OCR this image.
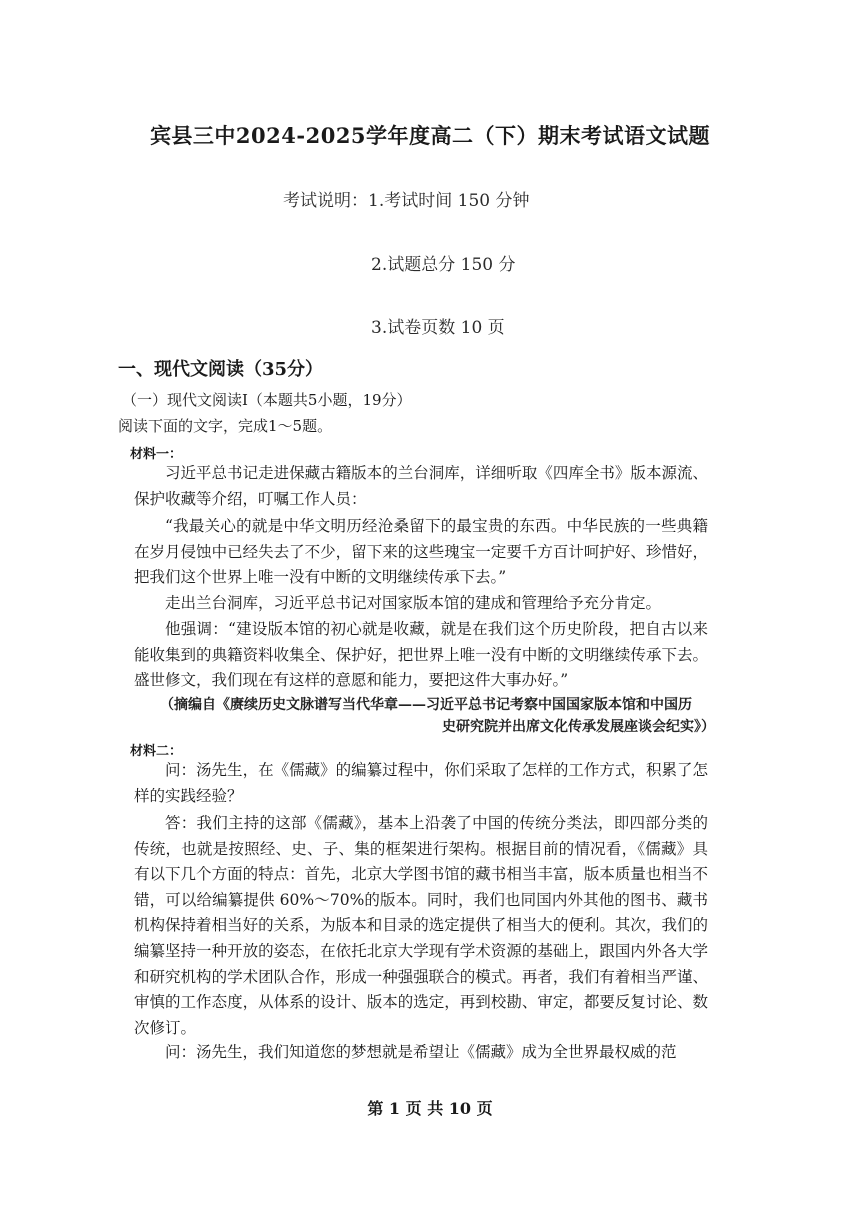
宾县三中2024-2025学年度高二（下）期末考试语文试题
考试说明：1.考试时间 150 分钟
2.试题总分 150 分
3.试卷页数 10 页
一、现代文阅读（35分）
（一）现代文阅读Ⅰ（本题共5小题，19分）
阅读下面的文字，完成1～5题。
材料一：

习近平总书记走进保藏古籍版本的兰台洞库，详细听取《四库全书》版本源流、保护收藏等介绍，叮嘱工作人员：

“我最关心的就是中华文明历经沧桑留下的最宝贵的东西。中华民族的一些典籍在岁月侵蚀中已经失去了不少，留下来的这些瑰宝一定要千方百计呵护好、珍惜好，把我们这个世界上唯一没有中断的文明继续传承下去。”

走出兰台洞库，习近平总书记对国家版本馆的建成和管理给予充分肯定。

他强调：“建设版本馆的初心就是收藏，就是在我们这个历史阶段，把自古以来能收集到的典籍资料收集全、保护好，把世界上唯一没有中断的文明继续传承下去。盛世修文，我们现在有这样的意愿和能力，要把这件大事办好。”

（摘编自《赓续历史文脉谱写当代华章——习近平总书记考察中国国家版本馆和中国历
史研究院并出席文化传承发展座谈会纪实》）
材料二：

问：汤先生，在《儒藏》的编纂过程中，你们采取了怎样的工作方式，积累了怎样的实践经验？

答：我们主持的这部《儒藏》，基本上沿袭了中国的传统分类法，即四部分类的传统，也就是按照经、史、子、集的框架进行架构。根据目前的情况看，《儒藏》具有以下几个方面的特点：首先，北京大学图书馆的藏书相当丰富，版本质量也相当不错，可以给编纂提供 60%～70%的版本。同时，我们也同国内外其他的图书、藏书机构保持着相当好的关系，为版本和目录的选定提供了相当大的便利。其次，我们的编纂坚持一种开放的姿态，在依托北京大学现有学术资源的基础上，跟国内外各大学和研究机构的学术团队合作，形成一种强强联合的模式。再者，我们有着相当严谨、审慎的工作态度，从体系的设计、版本的选定，再到校勘、审定，都要反复讨论、数次修订。

问：汤先生，我们知道您的梦想就是希望让《儒藏》成为全世界最权威的范

第 1 页 共 10 页
